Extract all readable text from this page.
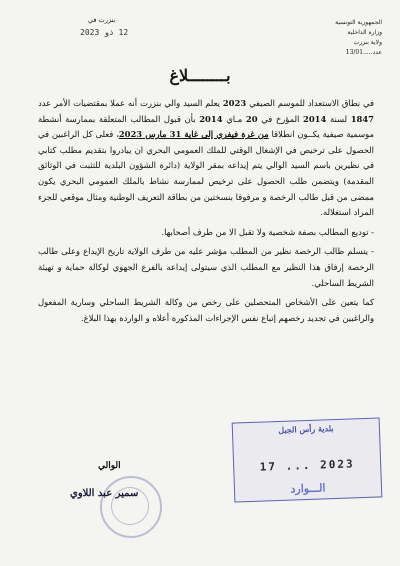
الجمهورية التونسية
وزارة الداخلية
ولاية بنزرت
عدد.....13/01
بنزرت في
12 ذو 2023
بــــــــلاغ

في نطاق الاستعداد للموسم الصيفي 2023 يعلم السيد والي بنزرت أنه عملا بمقتضيات الأمر عدد 1847 لسنة 2014 المؤرخ في 20 مـاي 2014 بأن قبول المطالب المتعلقة بممارسة أنشطة موسمية صيفية يكــون انطلاقا من غرة فيفري إلى غاية 31 مارس 2023، فعلى كل الراغبين في الحصول على ترخيص في الإشغال الوقتي للملك العمومي البحري ان يبادروا بتقديم مطلب كتابي في نظيرين باسم السيد الوالي يتم إيداعه بمقر الولاية (دائرة الشؤون البلدية للتثبت في الوثائق المقدمة) ويتضمن طلب الحصول على ترخيص لممارسة نشاط بالملك العمومي البحري يكون ممضى من قبل طالب الرخصة و مرفوقا بنسختين من بطاقة التعريف الوطنية ومثال موقعي للجزء المراد استغلاله.

- توديع المطالب بصفة شخصية ولا تقبل الا من طرف أصحابها.

- يتسلم طالب الرخصة نظير من المطلب مؤشر عليه من طرف الولاية تاريخ الإيداع وعلى طالب الرخصة إرفاق هذا النظير مع المطلب الذي سيتولى إيداعه بالفرع الجهوي لوكالة حماية و تهيئة الشريط الساحلي.

كما يتعين على الأشخاص المتحصلين على رخص من وكالة الشريط الساحلي وسارية المفعول والراغبين في تجديد رخصهم إتباع نفس الإجراءات المذكورة أعلاه و الواردة بهذا البلاغ.

الوالي
سمير عبد اللاوي
بلدية رأس الجبل
17 ... 2023
الـــوارد
